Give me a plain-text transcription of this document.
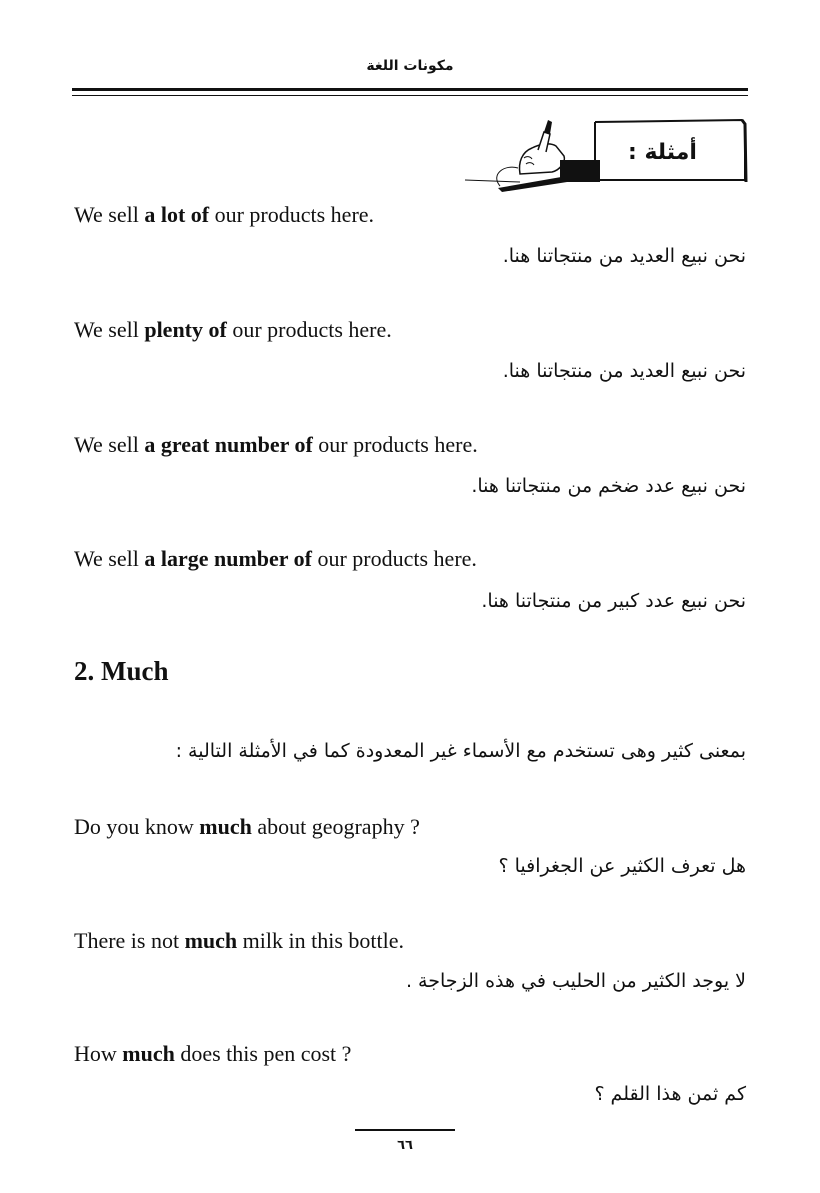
مكونات اللغة
أمثلة :
We sell a lot of our products here.
نحن نبيع العديد من منتجاتنا هنا.
We sell plenty of our products here.
نحن نبيع العديد من منتجاتنا هنا.
We sell a great number of our products here.
نحن نبيع عدد ضخم من منتجاتنا هنا.
We sell a large number of our products here.
نحن نبيع عدد كبير من منتجاتنا هنا.
2. Much
بمعنى كثير وهى تستخدم مع الأسماء غير المعدودة كما في الأمثلة التالية :
Do you know much about geography ?
هل تعرف الكثير عن الجغرافيا ؟
There is not much milk in this bottle.
لا يوجد الكثير من الحليب في هذه الزجاجة .
How much does this pen cost ?
كم ثمن هذا القلم ؟
٦٦
